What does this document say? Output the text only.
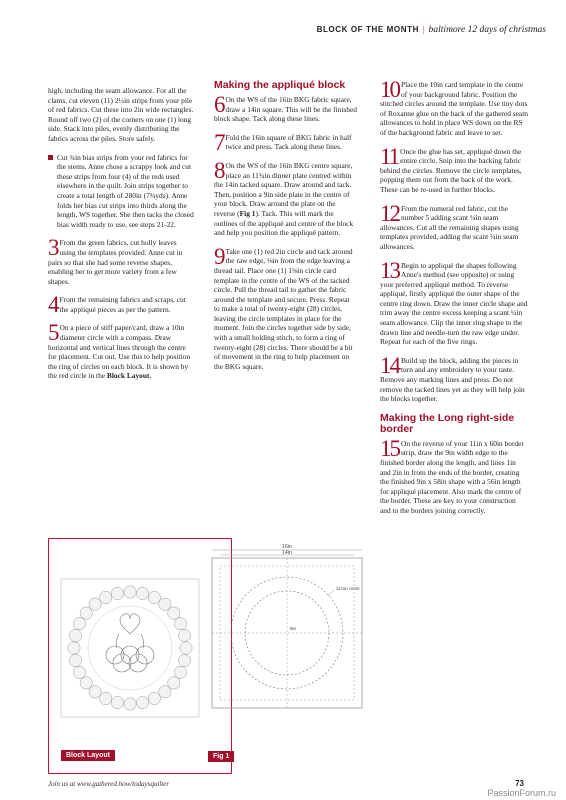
BLOCK OF THE MONTH | baltimore 12 days of christmas

high, including the seam allowance. For all the clams, cut eleven (11) 2½in strips from your pile of red fabrics. Cut these into 2in wide rectangles. Round off two (2) of the corners on one (1) long side. Stack into piles, evenly distributing the fabrics across the piles. Store safely.

Cut ¾in bias strips from your red fabrics for the stems. Anne chose a scrappy look and cut these strips from four (4) of the reds used elsewhere in the quilt. Join strips together to create a total length of 280in (7¾yds). Anne folds her bias cut strips into thirds along the length, WS together. She then tacks the closed bias width ready to use, see steps 21-22.

3 From the green fabrics, cut holly leaves using the templates provided. Anne cut in pairs so that she had some reverse shapes, enabling her to get more variety from a few shapes.

4 From the remaining fabrics and scraps, cut the appliqué pieces as per the pattern.

5 On a piece of stiff paper/card, draw a 10in diameter circle with a compass. Draw horizontal and vertical lines through the centre for placement. Cut out. Use this to help position the ring of circles on each block. It is shown by the red circle in the Block Layout.

Making the appliqué block

6 On the WS of the 16in BKG fabric square, draw a 14in square. This will be the finished block shape. Tack along these lines.

7 Fold the 16in square of BKG fabric in half twice and press. Tack along these lines.

8 On the WS of the 16in BKG centre square, place an 11¾in dinner plate centred within the 14in tacked square. Draw around and tack. Then, position a 9in side plate in the centre of your block. Draw around the plate on the reverse (Fig 1). Tack. This will mark the outlines of the appliqué and centre of the block and help you position the appliqué pattern.

9 Take one (1) red 2in circle and tack around the raw edge, ⅛in from the edge leaving a thread tail. Place one (1) 1⅛in circle card template in the centre of the WS of the tacked circle. Pull the thread tail to gather the fabric around the template and secure. Press. Repeat to make a total of twenty-eight (28) circles, leaving the circle templates in place for the moment. Join the circles together side by side, with a small holding stitch, to form a ring of twenty-eight (28) circles. There should be a bit of movement in the ring to help placement on the BKG square.

10 Place the 10in card template in the centre of your background fabric. Position the stitched circles around the template. Use tiny dots of Roxanne glue on the back of the gathered seam allowances to hold in place WS down on the RS of the background fabric and leave to set.

11 Once the glue has set, appliqué down the entire circle. Snip into the backing fabric behind the circles. Remove the circle templates, popping them out from the back of the work. These can be re-used in further blocks.

12 From the numeral red fabric, cut the number 5 adding scant ¼in seam allowances. Cut all the remaining shapes using templates provided, adding the scant ¼in seam allowances.

13 Begin to appliqué the shapes following Anne's method (see opposite) or using your preferred appliqué method. To reverse appliqué, firstly appliqué the outer shape of the centre ring down. Draw the inner circle shape and trim away the centre excess keeping a scant ¼in seam allowance. Clip the inner ring shape to the drawn line and needle-turn the raw edge under. Repeat for each of the five rings.

14 Build up the block, adding the pieces in turn and any embroidery to your taste. Remove any marking lines and press. Do not remove the tacked lines yet as they will help join the blocks together.

Making the Long right-side border

15 On the reverse of your 11in x 60in border strip, draw the 9in width edge to the finished border along the length, and lines 1in and 2in in from the ends of the border, creating the finished 9in x 58in shape with a 56in length for appliqué placement. Also mark the centre of the border. These are key to your construction and to the borders joining correctly.

Block Layout
16in
14in
11¾in circle
9in
Fig 1
Join us at www.gathered.how/todaysquilter	73
PassionForum.ru
